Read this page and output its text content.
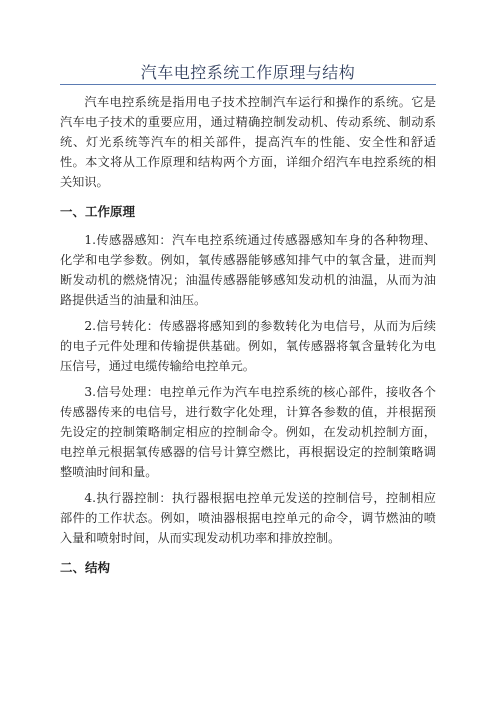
汽车电控系统工作原理与结构

汽车电控系统是指用电子技术控制汽车运行和操作的系统。它是汽车电子技术的重要应用，通过精确控制发动机、传动系统、制动系统、灯光系统等汽车的相关部件，提高汽车的性能、安全性和舒适性。本文将从工作原理和结构两个方面，详细介绍汽车电控系统的相关知识。

一、工作原理

1.传感器感知：汽车电控系统通过传感器感知车身的各种物理、化学和电学参数。例如，氧传感器能够感知排气中的氧含量，进而判断发动机的燃烧情况；油温传感器能够感知发动机的油温，从而为油路提供适当的油量和油压。

2.信号转化：传感器将感知到的参数转化为电信号，从而为后续的电子元件处理和传输提供基础。例如，氧传感器将氧含量转化为电压信号，通过电缆传输给电控单元。

3.信号处理：电控单元作为汽车电控系统的核心部件，接收各个传感器传来的电信号，进行数字化处理，计算各参数的值，并根据预先设定的控制策略制定相应的控制命令。例如，在发动机控制方面，电控单元根据氧传感器的信号计算空燃比，再根据设定的控制策略调整喷油时间和量。

4.执行器控制：执行器根据电控单元发送的控制信号，控制相应部件的工作状态。例如，喷油器根据电控单元的命令，调节燃油的喷入量和喷射时间，从而实现发动机功率和排放控制。

二、结构
